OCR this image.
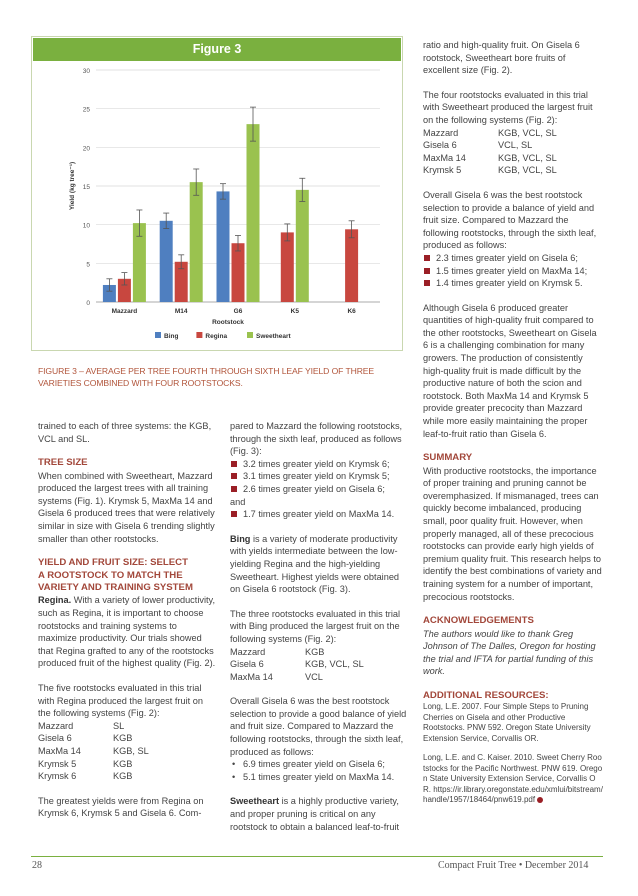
Figure 3
0
5
10
15
20
25
30
Yield (kg tree⁻¹)
Mazzard	M14	G6	K5	K6
Rootstock
Bing	Regina	Sweetheart
FIGURE 3 – AVERAGE PER TREE FOURTH THROUGH SIXTH LEAF YIELD OF THREE VARIETIES COMBINED WITH FOUR ROOTSTOCKS.

trained to each of three systems: the KGB, VCL and SL.

TREE SIZE

When combined with Sweetheart, Mazzard produced the largest trees with all training systems (Fig. 1). Krymsk 5, MaxMa 14 and Gisela 6 produced trees that were relatively similar in size with Gisela 6 trending slightly smaller than other rootstocks.

YIELD AND FRUIT SIZE: SELECT
A ROOTSTOCK TO MATCH THE
VARIETY AND TRAINING SYSTEM

Regina. With a variety of lower productivity, such as Regina, it is important to choose rootstocks and training systems to maximize productivity. Our trials showed that Regina grafted to any of the rootstocks produced fruit of the highest quality (Fig. 2).

The five rootstocks evaluated in this trial with Regina produced the largest fruit on the following systems (Fig. 2):

Mazzard	SL
Gisela 6	KGB
MaxMa 14	KGB, SL
Krymsk 5	KGB
Krymsk 6	KGB

The greatest yields were from Regina on Krymsk 6, Krymsk 5 and Gisela 6. Com-

pared to Mazzard the following rootstocks, through the sixth leaf, produced as follows (Fig. 3):

3.2 times greater yield on Krymsk 6;
3.1 times greater yield on Krymsk 5;
2.6 times greater yield on Gisela 6;
and
1.7 times greater yield on MaxMa 14.

Bing is a variety of moderate productivity with yields intermediate between the low-yielding Regina and the high-yielding Sweetheart. Highest yields were obtained on Gisela 6 rootstock (Fig. 3).

The three rootstocks evaluated in this trial with Bing produced the largest fruit on the following systems (Fig. 2):

Mazzard	KGB
Gisela 6	KGB, VCL, SL
MaxMa 14	VCL

Overall Gisela 6 was the best rootstock selection to provide a good balance of yield and fruit size. Compared to Mazzard the following rootstocks, through the sixth leaf, produced as follows:

• 6.9 times greater yield on Gisela 6;
• 5.1 times greater yield on MaxMa 14.

Sweetheart is a highly productive variety, and proper pruning is critical on any rootstock to obtain a balanced leaf-to-fruit

ratio and high-quality fruit. On Gisela 6 rootstock, Sweetheart bore fruits of excellent size (Fig. 2).

The four rootstocks evaluated in this trial with Sweetheart produced the largest fruit on the following systems (Fig. 2):

Mazzard	KGB, VCL, SL
Gisela 6	VCL, SL
MaxMa 14	KGB, VCL, SL
Krymsk 5	KGB, VCL, SL

Overall Gisela 6 was the best rootstock selection to provide a balance of yield and fruit size. Compared to Mazzard the following rootstocks, through the sixth leaf, produced as follows:

2.3 times greater yield on Gisela 6;
1.5 times greater yield on MaxMa 14;
1.4 times greater yield on Krymsk 5.

Although Gisela 6 produced greater quantities of high-quality fruit compared to the other rootstocks, Sweetheart on Gisela 6 is a challenging combination for many growers. The production of consistently high-quality fruit is made difficult by the productive nature of both the scion and rootstock. Both MaxMa 14 and Krymsk 5 provide greater precocity than Mazzard while more easily maintaining the proper leaf-to-fruit ratio than Gisela 6.

SUMMARY

With productive rootstocks, the importance of proper training and pruning cannot be overemphasized. If mismanaged, trees can quickly become imbalanced, producing small, poor quality fruit. However, when properly managed, all of these precocious rootstocks can provide early high yields of premium quality fruit. This research helps to identify the best combinations of variety and training system for a number of important, precocious rootstocks.

ACKNOWLEDGEMENTS

The authors would like to thank Greg Johnson of The Dalles, Oregon for hosting the trial and IFTA for partial funding of this work.

ADDITIONAL RESOURCES:

Long, L.E. 2007. Four Simple Steps to Pruning Cherries on Gisela and other Productive Rootstocks. PNW 592. Oregon State University Extension Service, Corvallis OR.

Long, L.E. and C. Kaiser. 2010. Sweet Cherry Rootstocks for the Pacific Northwest. PNW 619. Oregon State University Extension Service, Corvallis OR. https://ir.library.oregonstate.edu/xmlui/bitstream/handle/1957/18464/pnw619.pdf

28	Compact Fruit Tree • December 2014
